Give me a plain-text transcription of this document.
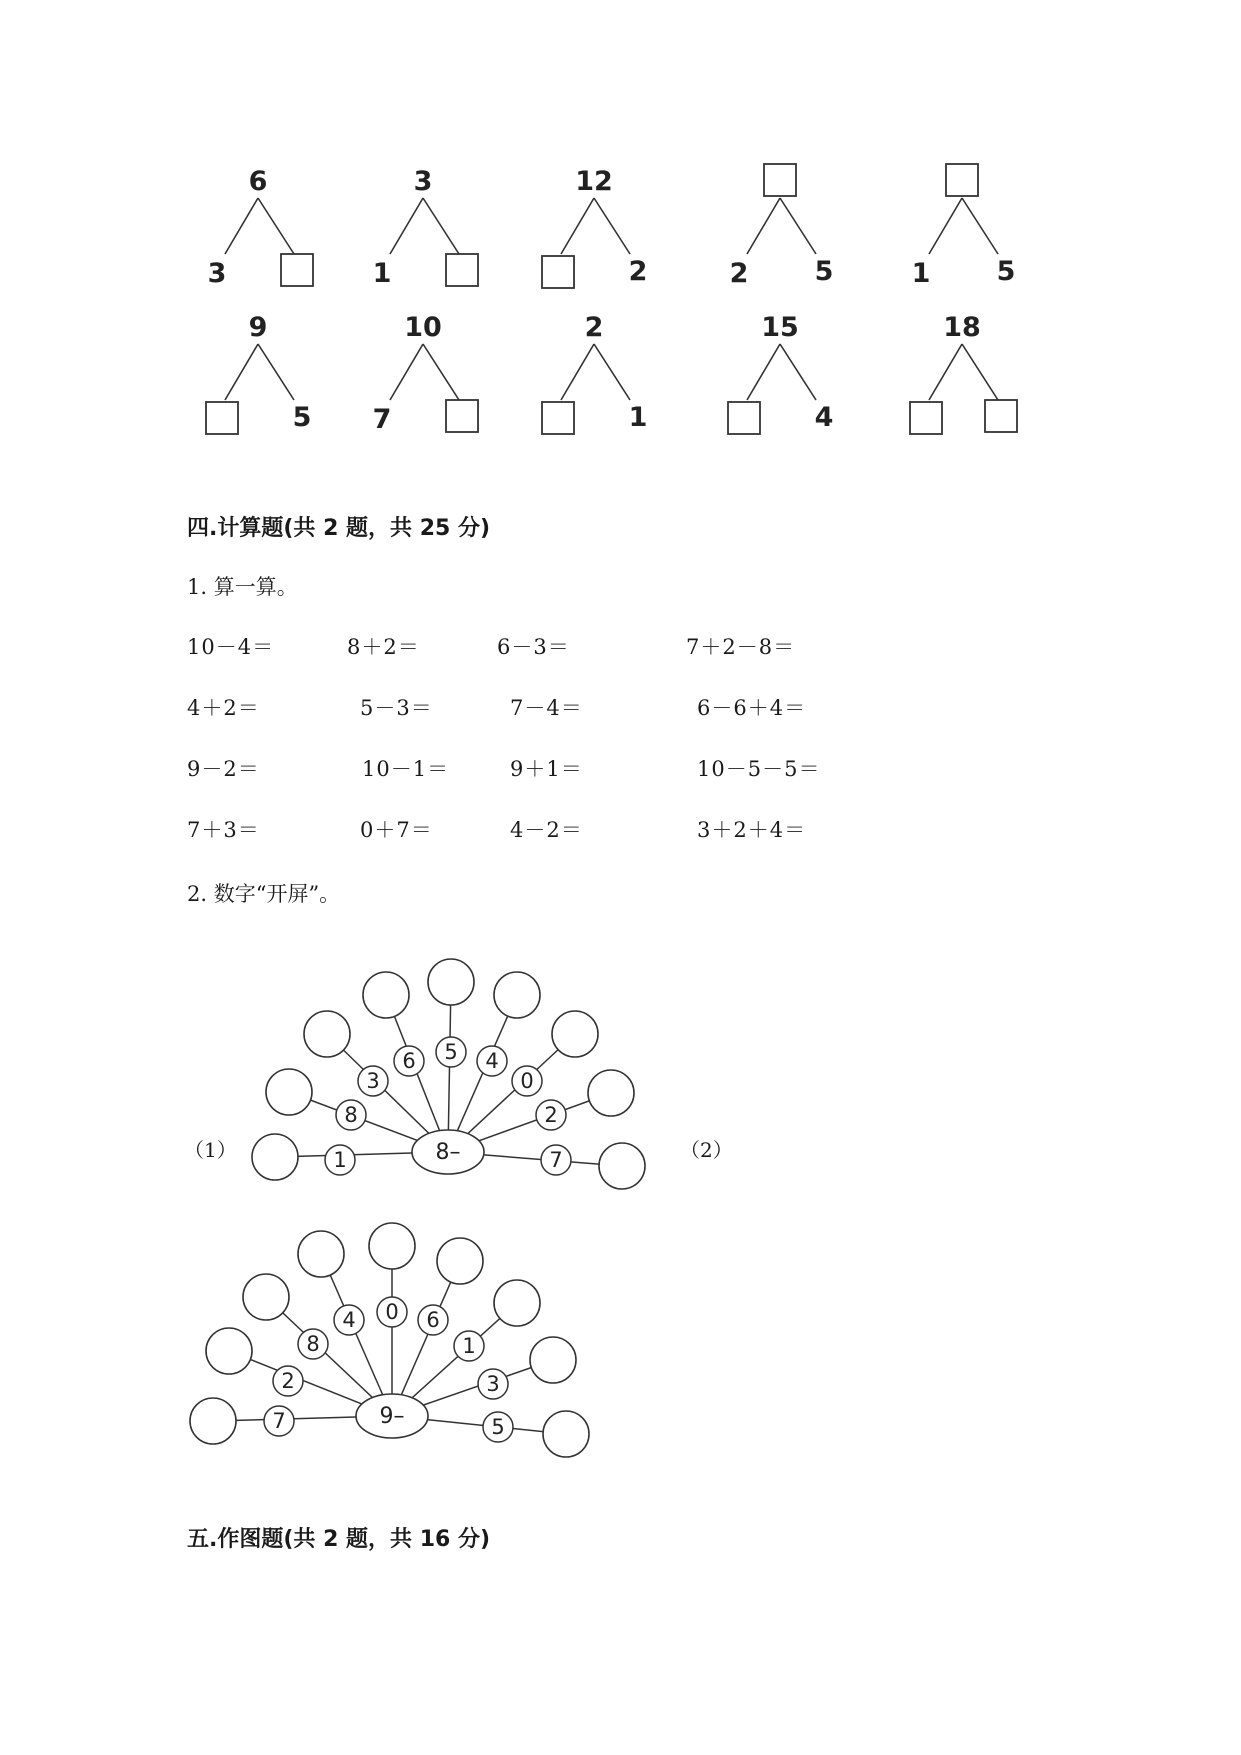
6
3
3
1
12
2	2 5	1 5
9
5
10
7
2
1
15
4
18
四.计算题(共 2 题，共 25 分)
1. 算一算。
10－4＝	8＋2＝	6－3＝	7＋2－8＝
4＋2＝	5－3＝	7－4＝	6－6＋4＝
9－2＝	10－1＝	9＋1＝	10－5－5＝
7＋3＝	0＋7＝	4－2＝	3＋2＋4＝
2. 数字“开屏”。
（1）	（2）
1
8
3
6 5 4
0
2
7
8–
7
2
8
4 0 6
1
3
5
9–
五.作图题(共 2 题，共 16 分)
